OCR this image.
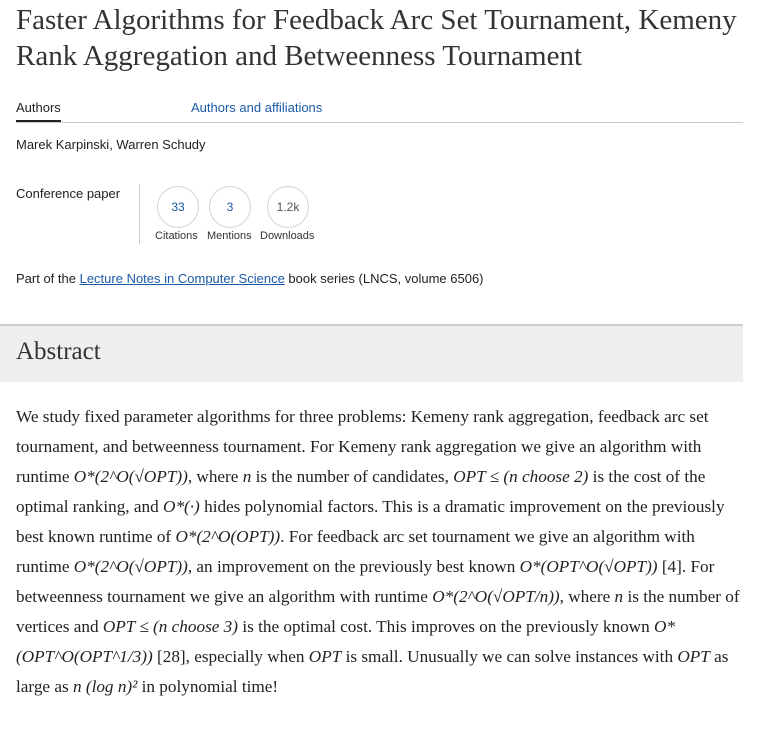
Faster Algorithms for Feedback Arc Set Tournament, Kemeny Rank Aggregation and Betweenness Tournament
Authors	Authors and affiliations
Marek Karpinski, Warren Schudy
Conference paper
33	3	1.2k
Citations Mentions Downloads
Part of the Lecture Notes in Computer Science book series (LNCS, volume 6506)
Abstract

We study fixed parameter algorithms for three problems: Kemeny rank aggregation, feedback arc set tournament, and betweenness tournament. For Kemeny rank aggregation we give an algorithm with runtime O*(2^O(√OPT)), where n is the number of candidates, OPT ≤ (n choose 2) is the cost of the optimal ranking, and O*(·) hides polynomial factors. This is a dramatic improvement on the previously best known runtime of O*(2^O(OPT)). For feedback arc set tournament we give an algorithm with runtime O*(2^O(√OPT)), an improvement on the previously best known O*(OPT^O(√OPT)) [4]. For betweenness tournament we give an algorithm with runtime O*(2^O(√OPT/n)), where n is the number of vertices and OPT ≤ (n choose 3) is the optimal cost. This improves on the previously known O*(OPT^O(OPT^1/3)) [28], especially when OPT is small. Unusually we can solve instances with OPT as large as n (log n)² in polynomial time!
